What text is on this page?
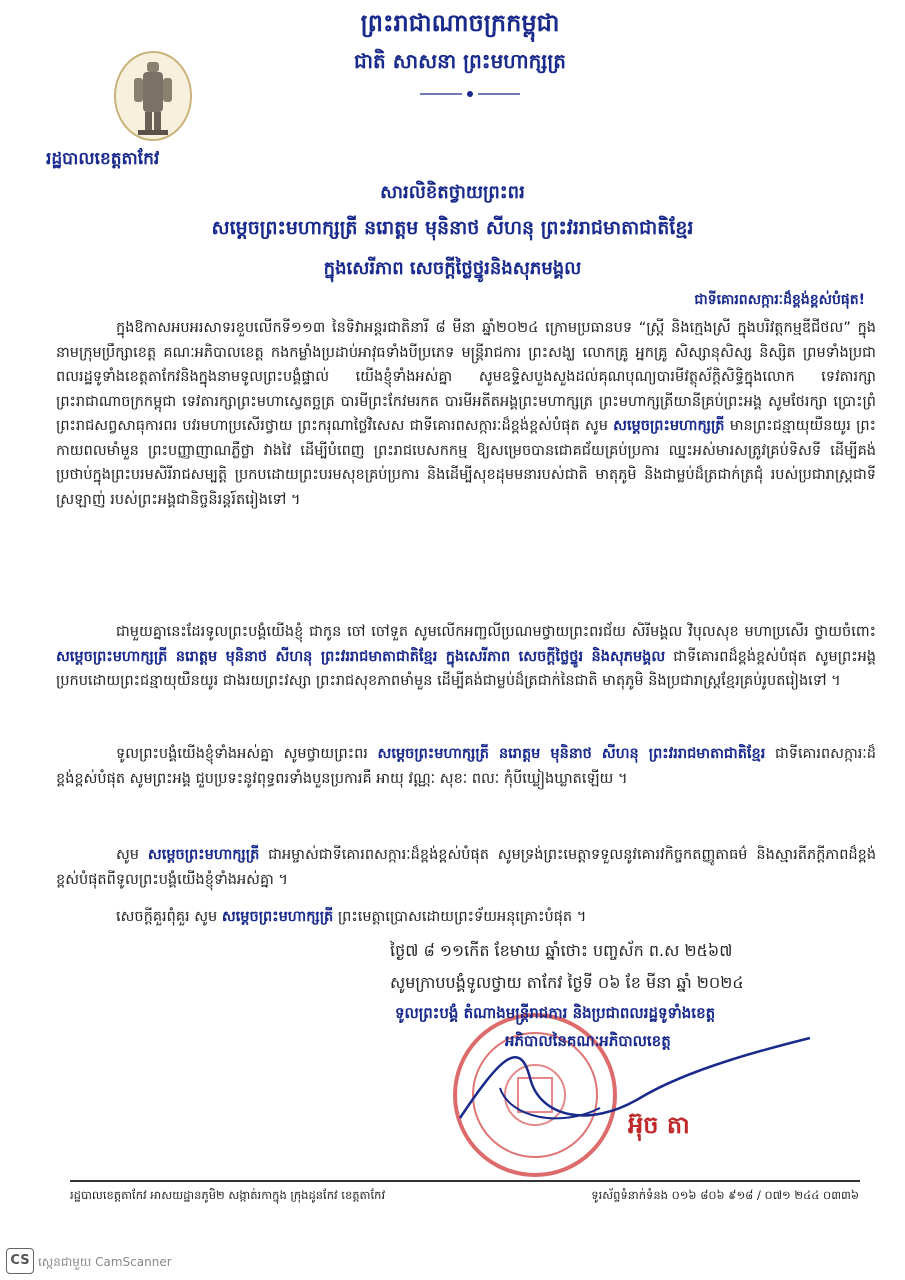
ព្រះរាជាណាចក្រកម្ពុជា
ជាតិ សាសនា ព្រះមហាក្សត្រ
រដ្ឋបាលខេត្តតាកែវ
សារលិខិតថ្វាយព្រះពរ
សម្តេចព្រះមហាក្សត្រី នរោត្តម មុនិនាថ សីហនុ ព្រះវររាជមាតាជាតិខ្មែរ
ក្នុងសេរីភាព សេចក្តីថ្លៃថ្នូរនិងសុភមង្គល
ជាទីគោរពសក្ការៈដ៏ខ្ពង់ខ្ពស់បំផុត!
ក្នុងឱកាសអបអរសាទរខួបលើកទី១១៣ នៃទិវាអន្តរជាតិនារី ៨ មីនា ឆ្នាំ២០២៤ ក្រោមប្រធានបទ “ស្ត្រី និងក្មេងស្រី ក្នុងបរិវត្តកម្មឌីជីថល” ក្នុងនាមក្រុមប្រឹក្សាខេត្ត គណៈអភិបាលខេត្ត កងកម្លាំងប្រដាប់អាវុធទាំងបីប្រភេទ មន្ត្រីរាជការ ព្រះសង្ឃ លោកគ្រូ អ្នកគ្រូ សិស្សានុសិស្ស និស្សិត ព្រមទាំងប្រជាពលរដ្ឋទូទាំងខេត្តតាកែវនិងក្នុងនាមទូលព្រះបង្គំផ្ទាល់ យើងខ្ញុំទាំងអស់គ្នា សូមឧទ្ទិសបួងសួងដល់គុណបុណ្យបារមីវត្ថុស័ក្តិសិទ្ធិក្នុងលោក ទេវតារក្សាព្រះរាជាណាចក្រកម្ពុជា ទេវតារក្សាព្រះមហាស្វេតច្ឆត្រ បារមីព្រះកែវមរកត បារមីអតីតអង្គព្រះមហាក្សត្រ ព្រះមហាក្សត្រីយានីគ្រប់ព្រះអង្គ សូមថែរក្សា ប្រោះព្រំ ព្រះរាជសព្វសាធុការពរ បវរមហាប្រសើរថ្វាយ ព្រះករុណាថ្លៃវិសេស ជាទីគោរពសក្ការៈដ៏ខ្ពង់ខ្ពស់បំផុត សូម សម្តេចព្រះមហាក្សត្រី មានព្រះជន្មាយុយឺនយូរ ព្រះកាយពលមាំមួន ព្រះបញ្ញាញាណភ្លឺថ្លា វាងវៃ ដើម្បីបំពេញ ព្រះរាជបេសកកម្ម ឱ្យសម្រេចបានជោគជ័យគ្រប់ប្រការ ឈ្នះអស់មារសត្រូវគ្រប់ទិសទី ដើម្បីគង់ប្រថាប់ក្នុងព្រះបរមសិរីរាជសម្បត្តិ ប្រកបដោយព្រះបរមសុខគ្រប់ប្រការ និងដើម្បីសុខដុមមនារបស់ជាតិ មាតុភូមិ និងជាម្លប់ដ៏ត្រជាក់ត្រជុំ របស់ប្រជារាស្ត្រជាទីស្រឡាញ់ របស់ព្រះអង្គជានិច្ចនិរន្តរ៍តរៀងទៅ ។
ជាមួយគ្នានេះដែរទូលព្រះបង្គំយើងខ្ញុំ ជាកូន ចៅ ចៅទួត សូមលើកអញ្ជលីប្រណមថ្វាយព្រះពរជ័យ សិរីមង្គល វិបុលសុខ មហាប្រសើរ ថ្វាយចំពោះ សម្តេចព្រះមហាក្សត្រី នរោត្តម មុនិនាថ សីហនុ ព្រះវររាជមាតាជាតិខ្មែរ ក្នុងសេរីភាព សេចក្តីថ្លៃថ្នូរ និងសុភមង្គល ជាទីគោរពដ៏ខ្ពង់ខ្ពស់បំផុត សូមព្រះអង្គ ប្រកបដោយព្រះជន្មាយុយឺនយូរ ជាងរយព្រះវស្សា ព្រះរាជសុខភាពមាំមួន ដើម្បីគង់ជាម្លប់ដ៏ត្រជាក់នៃជាតិ មាតុភូមិ និងប្រជារាស្ត្រខ្មែរគ្រប់រូបតរៀងទៅ ។
ទូលព្រះបង្គំយើងខ្ញុំទាំងអស់គ្នា សូមថ្វាយព្រះពរ សម្តេចព្រះមហាក្សត្រី នរោត្តម មុនិនាថ សីហនុ ព្រះវររាជមាតាជាតិខ្មែរ ជាទីគោរពសក្ការៈដ៏ខ្ពង់ខ្ពស់បំផុត សូមព្រះអង្គ ជួបប្រទះនូវពុទ្ធពរទាំងបួនប្រការគឺ អាយុ វណ្ណៈ សុខៈ ពលៈ កុំបីឃ្លៀងឃ្លាតឡើយ ។
សូម សម្តេចព្រះមហាក្សត្រី ជាអម្ចាស់ជាទីគោរពសក្ការៈដ៏ខ្ពង់ខ្ពស់បំផុត សូមទ្រង់ព្រះមេត្តាទទួលនូវគោរវកិច្ចកតញ្ញូតាធម៌ និងស្មារតីភក្តីភាពដ៏ខ្ពង់ខ្ពស់បំផុតពីទូលព្រះបង្គំយើងខ្ញុំទាំងអស់គ្នា ។
សេចក្តីគួរពុំគួរ សូម សម្តេចព្រះមហាក្សត្រី ព្រះមេត្តាប្រោសដោយព្រះទ័យអនុគ្រោះបំផុត ។
ថ្ងៃ៧ ៨ ១១កើត ខែមាឃ ឆ្នាំថោះ បញ្ចស័ក ព.ស ២៥៦៧
សូមក្រាបបង្គំទូលថ្វាយ តាកែវ ថ្ងៃទី ០៦ ខែ មីនា ឆ្នាំ ២០២៤
ទូលព្រះបង្គំ តំណាងមន្ត្រីរាជការ និងប្រជាពលរដ្ឋទូទាំងខេត្ត
អភិបាលនៃគណៈអភិបាលខេត្ត
អ៊ុច តា
រដ្ឋបាលខេត្តតាកែវ អាសយដ្ឋានភូមិ២ សង្កាត់រកាក្នុង ក្រុងដូនកែវ ខេត្តតាកែវ	ទូរស័ព្ទទំនាក់ទំនង ០១៦ ៨០៦ ៩១៨ / ០៧១ ២៤៤ ០៣៣៦
CS ស្កេនជាមួយ CamScanner
